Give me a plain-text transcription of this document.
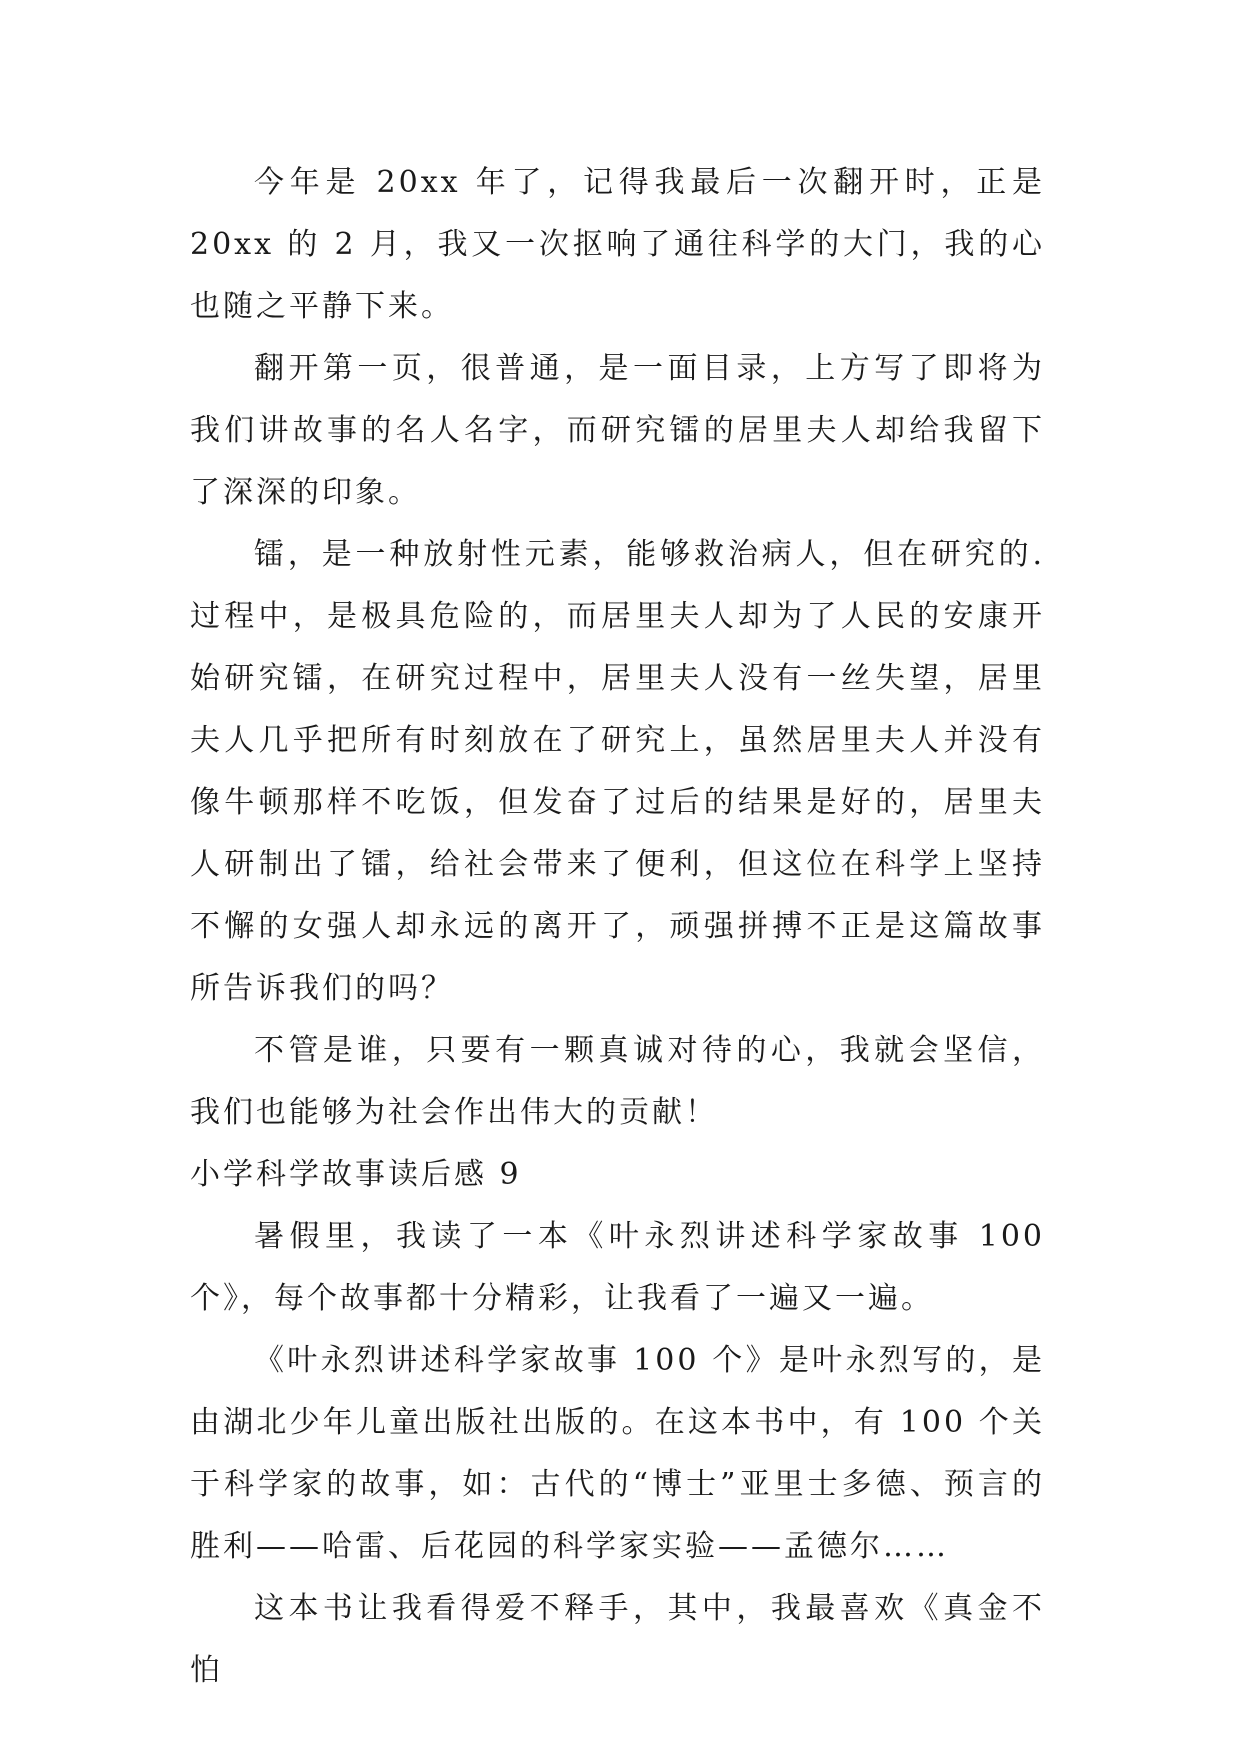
今年是 20xx 年了，记得我最后一次翻开时，正是 20xx 的 2 月，我又一次抠响了通往科学的大门，我的心也随之平静下来。

翻开第一页，很普通，是一面目录，上方写了即将为我们讲故事的名人名字，而研究镭的居里夫人却给我留下了深深的印象。

镭，是一种放射性元素，能够救治病人，但在研究的.过程中，是极具危险的，而居里夫人却为了人民的安康开始研究镭，在研究过程中，居里夫人没有一丝失望，居里夫人几乎把所有时刻放在了研究上，虽然居里夫人并没有像牛顿那样不吃饭，但发奋了过后的结果是好的，居里夫人研制出了镭，给社会带来了便利，但这位在科学上坚持不懈的女强人却永远的离开了，顽强拼搏不正是这篇故事所告诉我们的吗？

不管是谁，只要有一颗真诚对待的心，我就会坚信，我们也能够为社会作出伟大的贡献！

小学科学故事读后感 9

暑假里，我读了一本《叶永烈讲述科学家故事 100 个》，每个故事都十分精彩，让我看了一遍又一遍。

《叶永烈讲述科学家故事 100 个》是叶永烈写的，是由湖北少年儿童出版社出版的。在这本书中，有 100 个关于科学家的故事，如：古代的“博士”亚里士多德、预言的胜利——哈雷、后花园的科学家实验——孟德尔……

这本书让我看得爱不释手，其中，我最喜欢《真金不怕
